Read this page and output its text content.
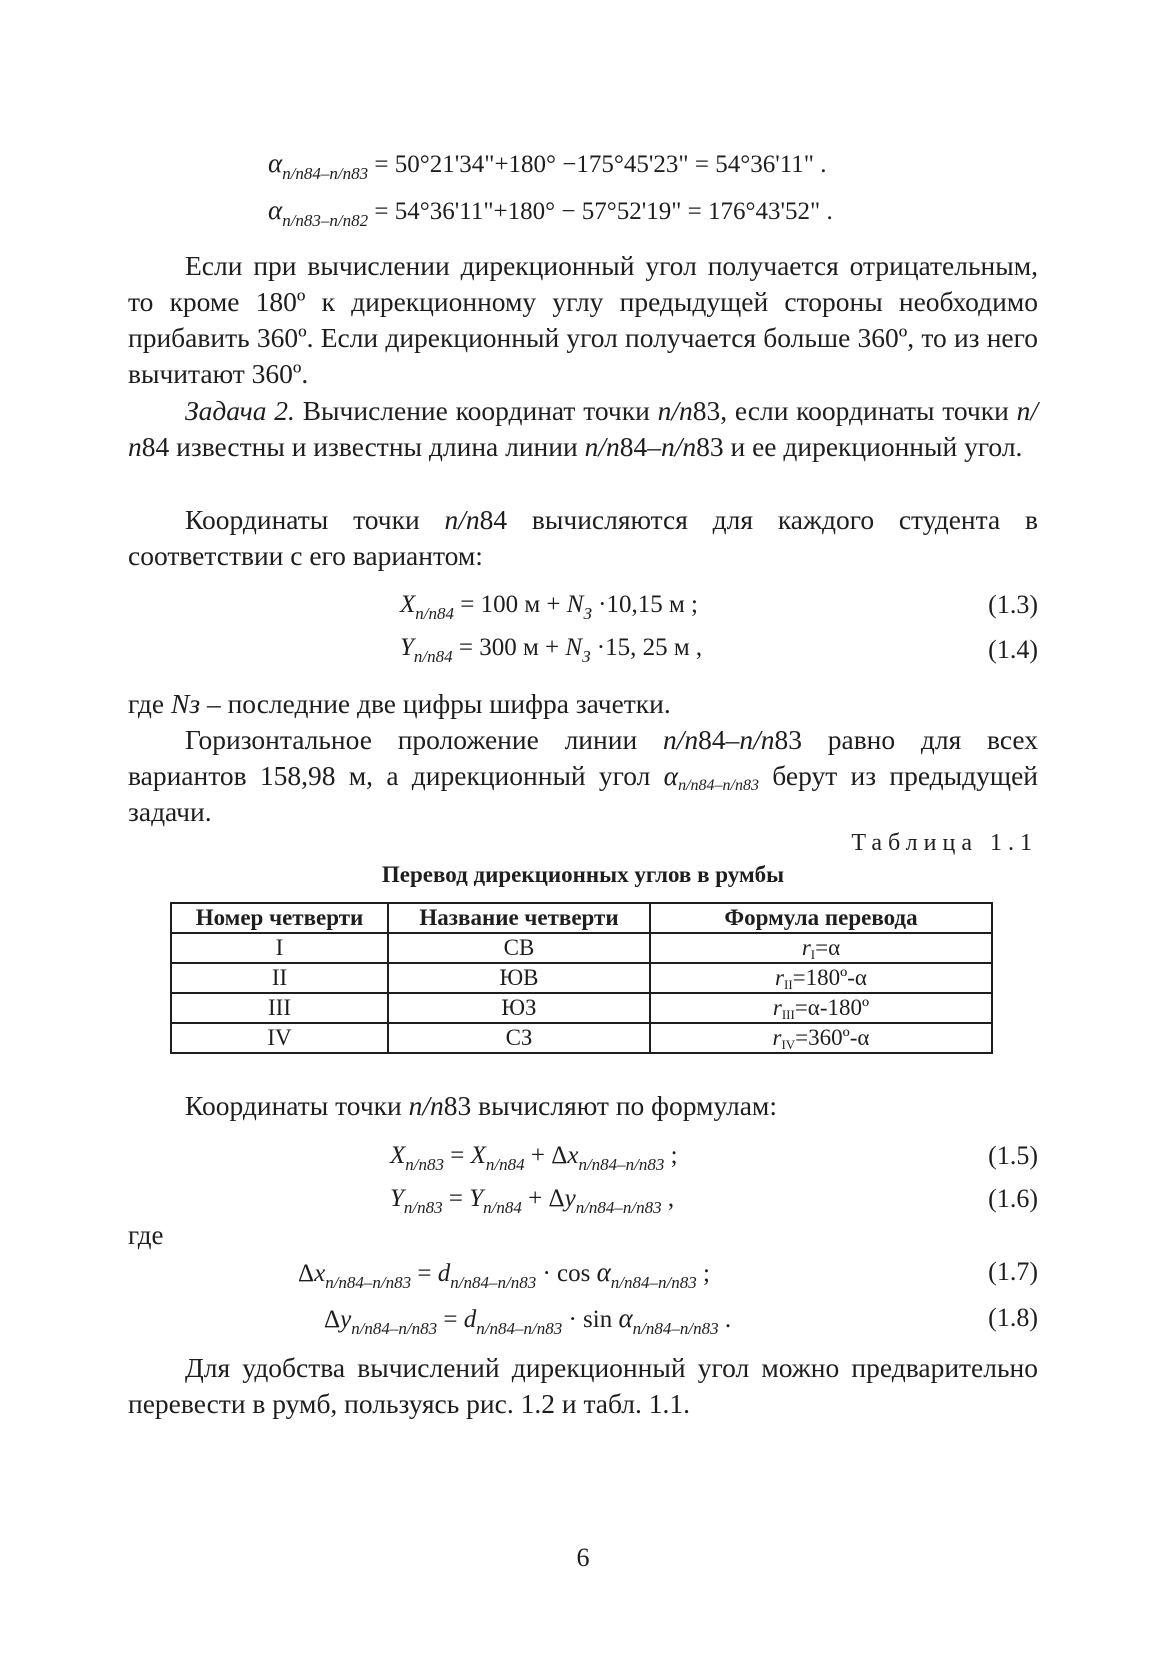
$\alpha_{п/п84-п/п83}$ = 50°21'34"+180° −175°45'23" = 54°36'11" .
$\alpha_{п/п83-п/п82}$ = 54°36'11"+180° − 57°52'19" = 176°43'52" .
Если при вычислении дирекционный угол получается отрицательным, то кроме 180º к дирекционному углу предыдущей стороны необходимо прибавить 360º. Если дирекционный угол получается больше 360º, то из него вычитают 360º.
Задача 2. Вычисление координат точки п/п83, если координаты точки п/п84 известны и известны длина линии п/п84–п/п83 и ее дирекционный угол.
Координаты точки п/п84 вычисляются для каждого студента в соответствии с его вариантом:
$X_{п/п84} = 100$ $м + N_З \cdot 10,15$ м ;	(1.3)
$Y_{п/п84} = 300$ $м + N_З \cdot 15$, 25 м ,	(1.4)
где Nз – последние две цифры шифра зачетки.
Горизонтальное проложение линии п/п84–п/п83 равно для всех вариантов 158,98 м, а дирекционный угол $\alpha_{п/п84-п/п83}$ берут из предыдущей задачи.
Таблица 1.1
Перевод дирекционных углов в румбы
Номер четверти	Название четверти	Формула перевода
I	СВ	$r_I=\alpha$
II	ЮВ	$r_{II}=180º-\alpha$
III	ЮЗ	$r_{III}=\alpha-180º$
IV	СЗ	$r_{IV}=360º-\alpha$
Координаты точки п/п83 вычисляют по формулам:
$X_{п/п83} = X_{п/п84} + \Delta x_{п/п84-п/п83}$ ;	(1.5)
$Y_{п/п83} = Y_{п/п84} + \Delta y_{п/п84-п/п83}$ ,	(1.6)
где
$\Delta x_{п/п84-п/п83} = d_{п/п84-п/п83} \cdot \cos \alpha_{п/п84-п/п83}$ ;	(1.7)
$\Delta y_{п/п84-п/п83} = d_{п/п84-п/п83} \cdot \sin \alpha_{п/п84-п/п83}$ .	(1.8)
Для удобства вычислений дирекционный угол можно предварительно перевести в румб, пользуясь рис. 1.2 и табл. 1.1.
6
